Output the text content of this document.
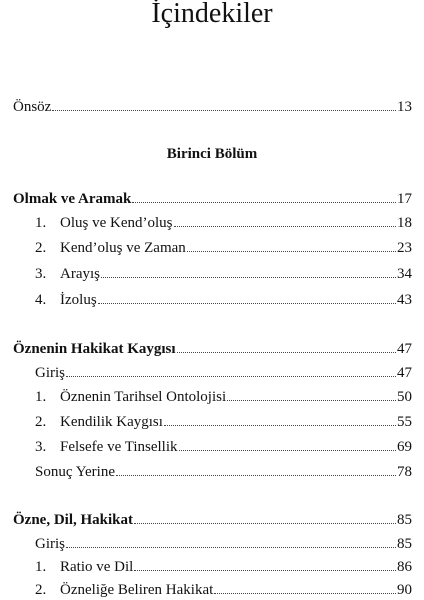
İçindekiler
Önsöz	13
Birinci Bölüm
Olmak ve Aramak	17
1. Oluş ve Kend’oluş	18
2. Kend’oluş ve Zaman	23
3. Arayış	34
4. İzoluş	43
Öznenin Hakikat Kaygısı	47
Giriş	47
1. Öznenin Tarihsel Ontolojisi	50
2. Kendilik Kaygısı	55
3. Felsefe ve Tinsellik	69
Sonuç Yerine	78
Özne, Dil, Hakikat	85
Giriş	85
1. Ratio ve Dil	86
2. Özneliğe Beliren Hakikat	90
